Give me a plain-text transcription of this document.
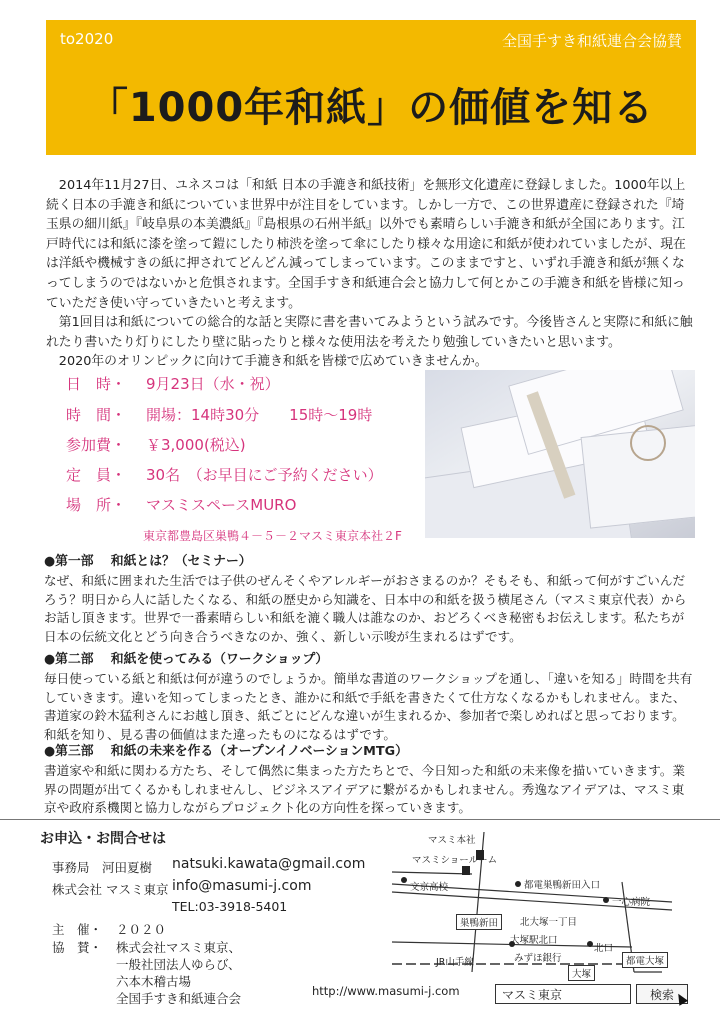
to2020	全国手すき和紙連合会協賛
「1000年和紙」の価値を知る

2014年11月27日、ユネスコは「和紙 日本の手漉き和紙技術」を無形文化遺産に登録しました。1000年以上続く日本の手漉き和紙についていま世界中が注目をしています。しかし一方で、この世界遺産に登録された『埼玉県の細川紙』『岐阜県の本美濃紙』『島根県の石州半紙』以外でも素晴らしい手漉き和紙が全国にあります。江戸時代には和紙に漆を塗って鎧にしたり柿渋を塗って傘にしたり様々な用途に和紙が使われていましたが、現在は洋紙や機械すきの紙に押されてどんどん減ってしまっています。このままですと、いずれ手漉き和紙が無くなってしまうのではないかと危惧されます。全国手すき和紙連合会と協力して何とかこの手漉き和紙を皆様に知っていただき使い守っていきたいと考えます。

第1回目は和紙についての総合的な話と実際に書を書いてみようという試みです。今後皆さんと実際に和紙に触れたり書いたり灯りにしたり壁に貼ったりと様々な使用法を考えたり勉強していきたいと思います。

2020年のオリンピックに向けて手漉き和紙を皆様で広めていきませんか。

日　時・ 9月23日（水・祝）
時　間・ 開場：14時30分　　15時～19時
参加費・ ￥3,000(税込)
定　員・ 30名　（お早目にご予約ください）
場　所・ マスミスペースMURO
東京都豊島区巣鴨４－５－２マスミ東京本社２F
●第一部　 和紙とは？（セミナー）

なぜ、和紙に囲まれた生活では子供のぜんそくやアレルギーがおさまるのか？そもそも、和紙って何がすごいんだろう？明日から人に話したくなる、和紙の歴史から知識を、日本中の和紙を扱う横尾さん（マスミ東京代表）からお話し頂きます。世界で一番素晴らしい和紙を漉く職人は誰なのか、おどろくべき秘密もお伝えします。私たちが日本の伝統文化とどう向き合うべきなのか、強く、新しい示唆が生まれるはずです。

●第二部　 和紙を使ってみる（ワークショップ）

毎日使っている紙と和紙は何が違うのでしょうか。簡単な書道のワークショップを通し、「違いを知る」時間を共有していきます。違いを知ってしまったとき、誰かに和紙で手紙を書きたくて仕方なくなるかもしれません。また、書道家の鈴木猛利さんにお越し頂き、紙ごとにどんな違いが生まれるか、参加者で楽しめればと思っております。和紙を知り、見る書の価値はまた違ったものになるはずです。

●第三部　 和紙の未来を作る（オープンイノベーションMTG）

書道家や和紙に関わる方たち、そして偶然に集まった方たちとで、今日知った和紙の未来像を描いていきます。業界の問題が出てくるかもしれませんし、ビジネスアイデアに繋がるかもしれません。秀逸なアイデアは、マスミ東京や政府系機関と協力しながらプロジェクト化の方向性を探っていきます。

お申込・お問合せは
事務局　河田夏樹 natsuki.kawata@gmail.com
株式会社 マスミ東京 info@masumi-j.com
TEL:03-3918-5401
主　催・ ２０２０
協　賛・ 株式会社マスミ東京、
一般社団法人ゆらび、
六本木稽古場
全国手すき和紙連合会	http://www.masumi-j.com
マスミ本社
マスミショールーム
文京高校	都電巣鴨新田入口
一心病院
巣鴨新田	北大塚一丁目
大塚駅北口
北口
みずほ銀行	都電大塚
JR山手線
大塚
マスミ東京	検索
